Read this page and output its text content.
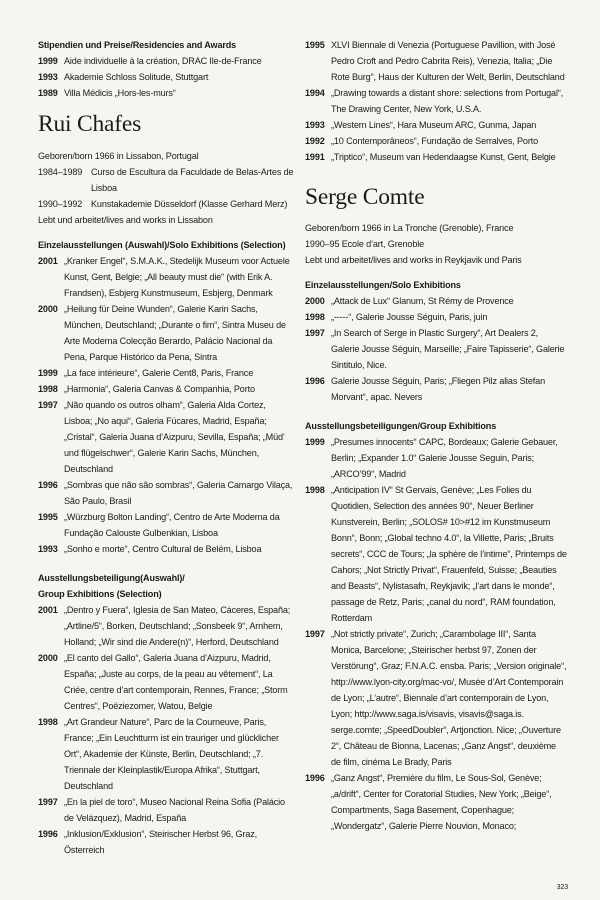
Stipendien und Preise/Residencies and Awards
1999 Aide individuelle à la création, DRAC Ile-de-France
1993 Akademie Schloss Solitude, Stuttgart
1989 Villa Médicis „Hors-les-murs“
Rui Chafes
Geboren/born 1966 in Lissabon, Portugal
1984–1989 Curso de Escultura da Faculdade de Belas-Artes de Lisboa
1990–1992 Kunstakademie Düsseldorf (Klasse Gerhard Merz)
Lebt und arbeitet/lives and works in Lissabon
Einzelausstellungen (Auswahl)/Solo Exhibitions (Selection)
2001 „Kranker Engel“, S.M.A.K., Stedelijk Museum voor Actuele Kunst, Gent, Belgie; „All beauty must die“ (with Erik A. Frandsen), Esbjerg Kunstmuseum, Esbjerg, Denmark
2000 „Heilung für Deine Wunden“, Galerie Karin Sachs, München, Deutschland; „Durante o fim“, Sintra Museu de Arte Moderna Colecção Berardo, Palácio Nacional da Pena, Parque Histórico da Pena, Sintra
1999 „La face intérieure“, Galerie Cent8, Paris, France
1998 „Harmonia“, Galeria Canvas & Companhia, Porto
1997 „Não quando os outros olham“, Galeria Alda Cortez, Lisboa; „No aqui“, Galeria Fúcares, Madrid, España; „Cristal“, Galeria Juana d’Aizpuru, Sevilla, España; „Müd’ und flügelschwer“, Galerie Karin Sachs, München, Deutschland
1996 „Sombras que não são sombras“, Galeria Camargo Vilaça, São Paulo, Brasil
1995 „Würzburg Bolton Landing“, Centro de Arte Moderna da Fundação Calouste Gulbenkian, Lisboa
1993 „Sonho e morte“, Centro Cultural de Belém, Lisboa
Ausstellungsbeteiligung(Auswahl)/
Group Exhibitions (Selection)
2001 „Dentro y Fuera“, Iglesia de San Mateo, Cáceres, España; „Artline/5“, Borken, Deutschland; „Sonsbeek 9“, Arnhem, Holland; „Wir sind die Andere(n)“, Herford, Deutschland
2000 „El canto del Gallo“, Galeria Juana d’Aizpuru, Madrid, España; „Juste au corps, de la peau au vêtement“, La Criée, centre d’art contemporain, Rennes, France; „Storm Centres“, Poëziezomer, Watou, Belgie
1998 „Art Grandeur Nature“, Parc de la Courneuve, Paris, France; „Ein Leuchtturm ist ein trauriger und glücklicher Ort“, Akademie der Künste, Berlin, Deutschland; „7. Triennale der Kleinplastik/Europa Afrika“, Stuttgart, Deutschland
1997 „En la piel de toro“, Museo Nacional Reina Sofia (Palácio de Velázquez), Madrid, España
1996 „Inklusion/Exklusion“, Steirischer Herbst 96, Graz, Österreich
1995 XLVI Biennale di Venezia (Portuguese Pavillion, with José Pedro Croft and Pedro Cabrita Reis), Venezia, Italia; „Die Rote Burg“, Haus der Kulturen der Welt, Berlin, Deutschland
1994 „Drawing towards a distant shore: selections from Portugal“, The Drawing Center, New York, U.S.A.
1993 „Western Lines“, Hara Museum ARC, Gunma, Japan
1992 „10 Contemporâneos“, Fundação de Serralves, Porto
1991 „Triptico“, Museum van Hedendaagse Kunst, Gent, Belgie
Serge Comte
Geboren/born 1966 in La Tronche (Grenoble), France
1990–95 Ecole d’art, Grenoble
Lebt und arbeitet/lives and works in Reykjavik und Paris
Einzelausstellungen/Solo Exhibitions
2000 „Attack de Lux“ Glanum, St Rémy de Provence
1998 „-----“, Galerie Jousse Séguin, Paris, juin
1997 „In Search of Serge in Plastic Surgery“, Art Dealers 2, Galerie Jousse Séguin, Marseille; „Faire Tapisserie“, Galerie Sintitulo, Nice.
1996 Galerie Jousse Séguin, Paris; „Fliegen Pilz alias Stefan Morvant“, apac. Nevers
Ausstellungsbeteiligungen/Group Exhibitions
1999 „Presumes innocents“ CAPC, Bordeaux; Galerie Gebauer, Berlin; „Expander 1.0“ Galerie Jousse Seguin, Paris; „ARCO’99“, Madrid
1998 „Anticipation IV“ St Gervais, Genève; „Les Folies du Quotidien, Selection des années 90“, Neuer Berliner Kunstverein, Berlin; „SOLOS# 10>#12 im Kunstmuseum Bonn“, Bonn; „Global techno 4.0“, la Villette, Paris; „Bruits secrets“, CCC de Tours; „la sphère de l’intime“, Printemps de Cahors; „Not Strictly Privat“, Frauenfeld, Suisse; „Beauties and Beasts“, Nylistasafn, Reykjavik; „l’art dans le monde“, passage de Retz, Paris; „canal du nord“, RAM foundation, Rotterdam
1997 „Not strictly private“, Zurich; „Carambolage III“, Santa Monica, Barcelone; „Steirischer herbst 97, Zonen der Verstörung“, Graz; F.N.A.C. ensba. Paris; „Version originale“, http://www.lyon-city.org/mac-vo/, Musée d’Art Contemporain de Lyon; „L’autre“, Biennale d’art contemporain de Lyon, Lyon; http://www.saga.is/visavis, visavis@saga.is. serge.comte; „SpeedDoubler“, Artjonction. Nice; „Ouverture 2“, Château de Bionna, Lacenas; „Ganz Angst“, deuxième de film, cinéma Le Brady, Paris
1996 „Ganz Angst“, Première du film, Le Sous-Sol, Genève; „a/drift“, Center for Coratorial Studies, New York; „Beige“, Compartments, Saga Basement, Copenhague; „Wondergatz“, Galerie Pierre Nouvion, Monaco;
323
